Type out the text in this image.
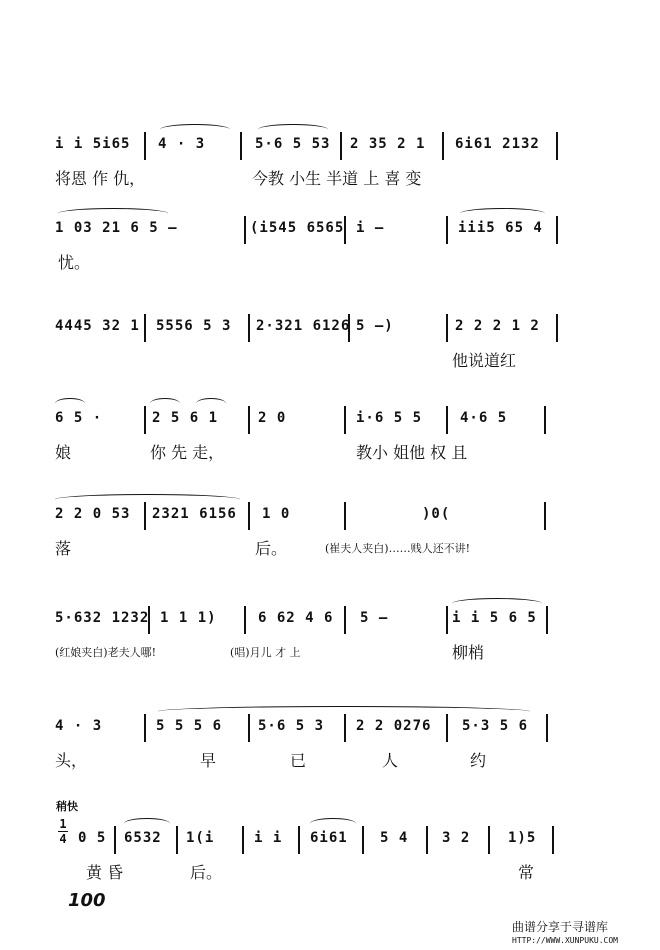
i i 5i65 4 · 3	5·6 5 53 2 35 2 1 6i61 2132
将恩 作 仇，	今教 小生 半道 上 喜 变
1 03 21 6 5 —	(i545 6565 i —	iii5 65 4
忧。
4445 32 1 5556 5 3 2·321 6126 5 —)	2 2 2 1 2
他说道红
6 5 ·	2 5 6 1	2 0	i·6 5 5	4·6 5
娘	你 先 走，	教小 姐他 权 且
2 2 0 53 2321 6156 1 0	)0(
落	后。	(崔夫人夹白)……贱人还不讲!
5·632 1232 1 1 1)	6 62 4 6 5 —	i i 5 6 5
(红娘夹白)老夫人哪!	(唱)月儿 才 上	柳梢
4 · 3	5 5 5 6	5·6 5 3 2 2 0276 5·3 5 6
头，	早	已	人	约
稍快
1
4 0 5 6532 1(i	i i 6i61 5 4 3 2	1)5
黄 昏	后。	常
100
曲谱分享于寻谱库
HTTP://WWW.XUNPUKU.COM
